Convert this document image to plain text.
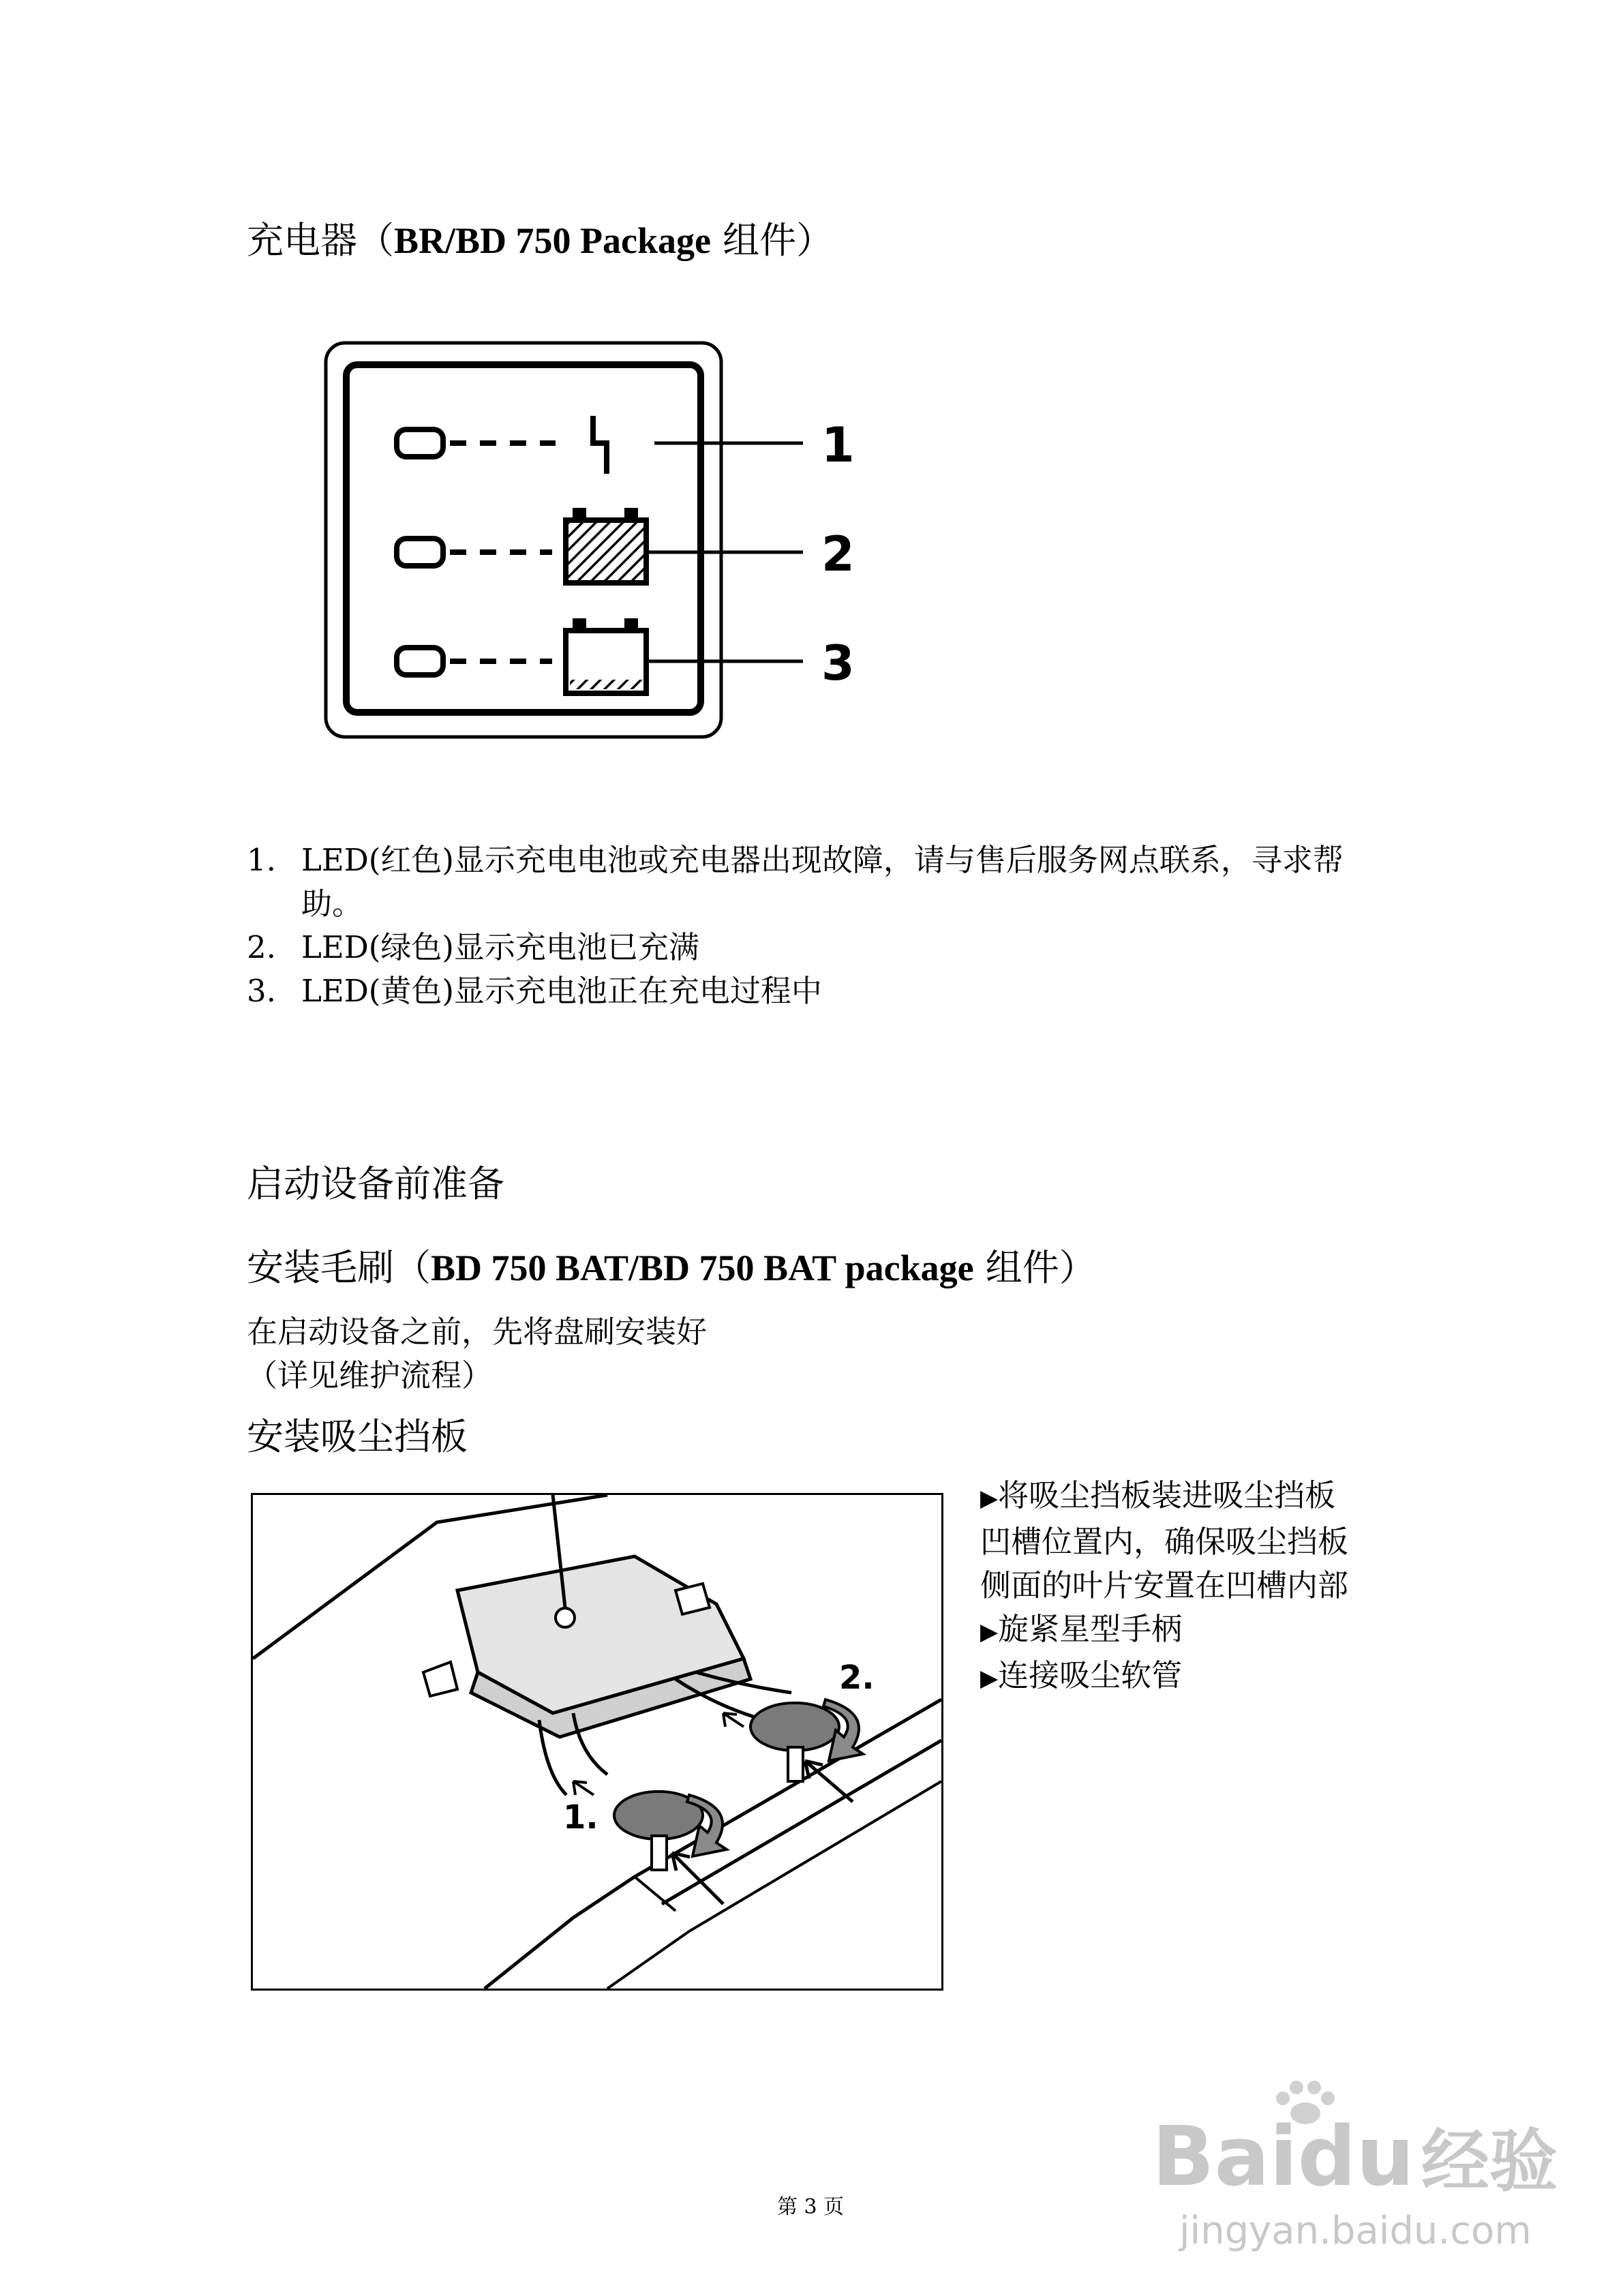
充电器（BR/BD 750 Package 组件）
1
2
3
1. LED(红色)显示充电电池或充电器出现故障，请与售后服务网点联系，寻求帮助。
2. LED(绿色)显示充电池已充满
3. LED(黄色)显示充电池正在充电过程中
启动设备前准备
安装毛刷（BD 750 BAT/BD 750 BAT package 组件）
在启动设备之前，先将盘刷安装好
（详见维护流程）
安装吸尘挡板
1.
2.
▶将吸尘挡板装进吸尘挡板凹槽位置内，确保吸尘挡板侧面的叶片安置在凹槽内部
▶旋紧星型手柄
▶连接吸尘软管
第 3 页
Baidu 经验
jingyan.baidu.com
